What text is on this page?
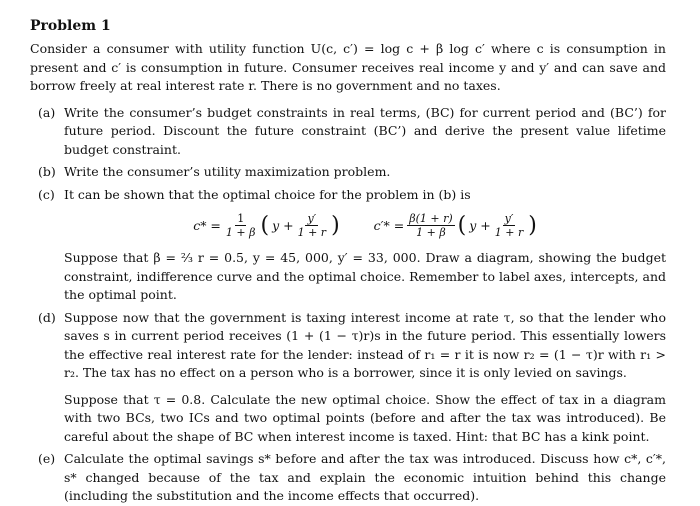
Problem 1

Consider a consumer with utility function U(c, c′) = log c + β log c′ where c is consumption in present and c′ is consumption in future. Consumer receives real income y and y′ and can save and borrow freely at real interest rate r. There is no government and no taxes.

(a) Write the consumer’s budget constraints in real terms, (BC) for current period and (BC’) for future period. Discount the future constraint (BC’) and derive the present value lifetime budget constraint.

(b) Write the consumer’s utility maximization problem.

(c) It can be shown that the optimal choice for the problem in (b) is

$c* = \frac{1}{1 + \beta}$ ( $y + \frac{y'}{1 + r}$ )	$c'* = \frac{\beta(1 + r)}{1 + \beta}$ ( $y + \frac{y'}{1 + r}$ )

Suppose that β = ⅔ r = 0.5, y = 45, 000, y′ = 33, 000. Draw a diagram, showing the budget constraint, indifference curve and the optimal choice. Remember to label axes, intercepts, and the optimal point.

(d) Suppose now that the government is taxing interest income at rate τ, so that the lender who saves s in current period receives (1 + (1 − τ)r)s in the future period. This essentially lowers the effective real interest rate for the lender: instead of r₁ = r it is now r₂ = (1 − τ)r with r₁ > r₂. The tax has no effect on a person who is a borrower, since it is only levied on savings.

Suppose that τ = 0.8. Calculate the new optimal choice. Show the effect of tax in a diagram with two BCs, two ICs and two optimal points (before and after the tax was introduced). Be careful about the shape of BC when interest income is taxed. Hint: that BC has a kink point.

(e) Calculate the optimal savings s* before and after the tax was introduced. Discuss how c*, c′*, s* changed because of the tax and explain the economic intuition behind this change (including the substitution and the income effects that occurred).
